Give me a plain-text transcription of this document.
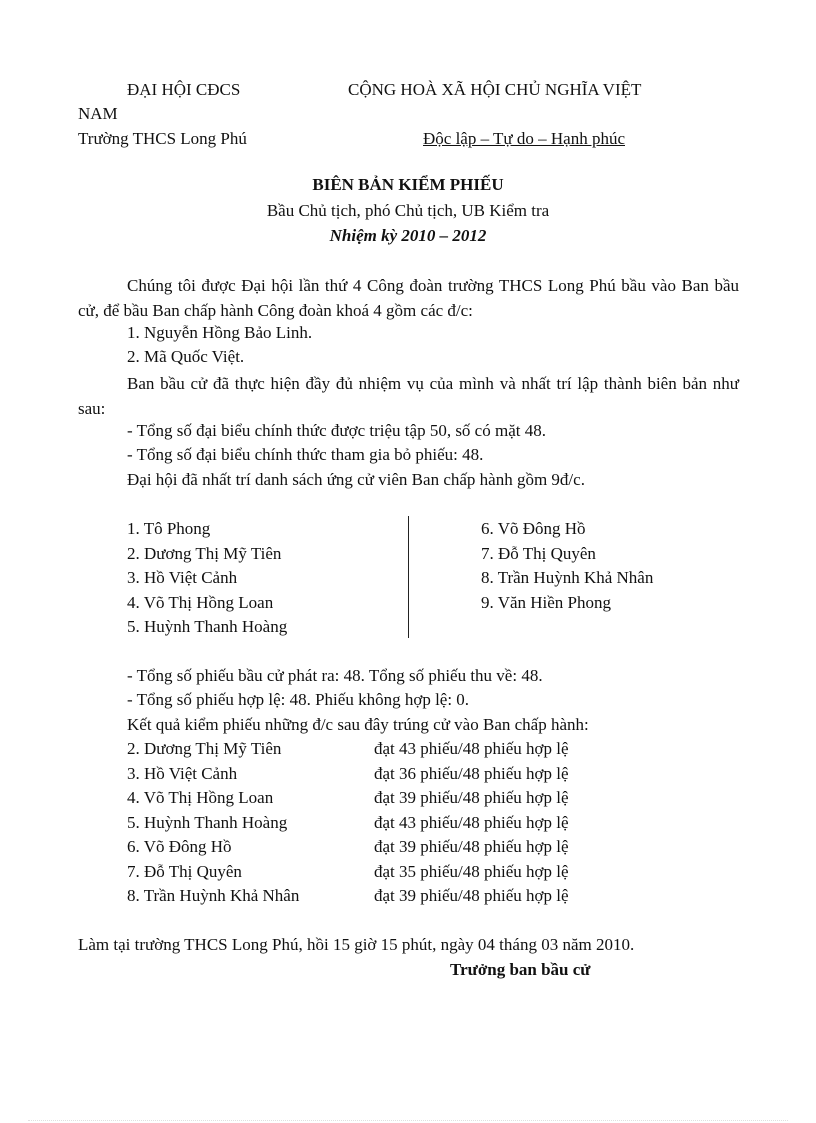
ĐẠI HỘI CĐCS	CỘNG HOÀ XÃ HỘI CHỦ NGHĨA VIỆT
NAM
Trường THCS Long Phú	Độc lập – Tự do – Hạnh phúc
BIÊN BẢN KIỂM PHIẾU
Bầu Chủ tịch, phó Chủ tịch, UB Kiểm tra
Nhiệm kỳ 2010 – 2012
Chúng tôi được Đại hội lần thứ 4 Công đoàn trường THCS Long Phú bầu vào Ban bầu cử, để bầu Ban chấp hành Công đoàn khoá 4 gồm các đ/c:
1. Nguyễn Hồng Bảo Linh.
2. Mã Quốc Việt.
Ban bầu cử đã thực hiện đầy đủ nhiệm vụ của mình và nhất trí lập thành biên bản như sau:
- Tổng số đại biểu chính thức được triệu tập 50, số có mặt 48.
- Tổng số đại biểu chính thức tham gia bỏ phiếu: 48.
Đại hội đã nhất trí danh sách ứng cử viên Ban chấp hành gồm 9đ/c.
1. Tô Phong
2. Dương Thị Mỹ Tiên
3. Hồ Việt Cảnh
4. Võ Thị Hồng Loan
5. Huỳnh Thanh Hoàng
6. Võ Đông Hồ
7. Đỗ Thị Quyên
8. Trần Huỳnh Khả Nhân
9. Văn Hiền Phong
- Tổng số phiếu bầu cử phát ra: 48. Tổng số phiếu thu về: 48.
- Tổng số phiếu hợp lệ: 48. Phiếu không hợp lệ: 0.
Kết quả kiểm phiếu những đ/c sau đây trúng cử vào Ban chấp hành:
2. Dương Thị Mỹ Tiên	đạt 43 phiếu/48 phiếu hợp lệ
3. Hồ Việt Cảnh	đạt 36 phiếu/48 phiếu hợp lệ
4. Võ Thị Hồng Loan	đạt 39 phiếu/48 phiếu hợp lệ
5. Huỳnh Thanh Hoàng	đạt 43 phiếu/48 phiếu hợp lệ
6. Võ Đông Hồ	đạt 39 phiếu/48 phiếu hợp lệ
7. Đỗ Thị Quyên	đạt 35 phiếu/48 phiếu hợp lệ
8. Trần Huỳnh Khả Nhân	đạt 39 phiếu/48 phiếu hợp lệ
Làm tại trường THCS Long Phú, hồi 15 giờ 15 phút, ngày 04 tháng 03 năm 2010.
Trưởng ban bầu cử
